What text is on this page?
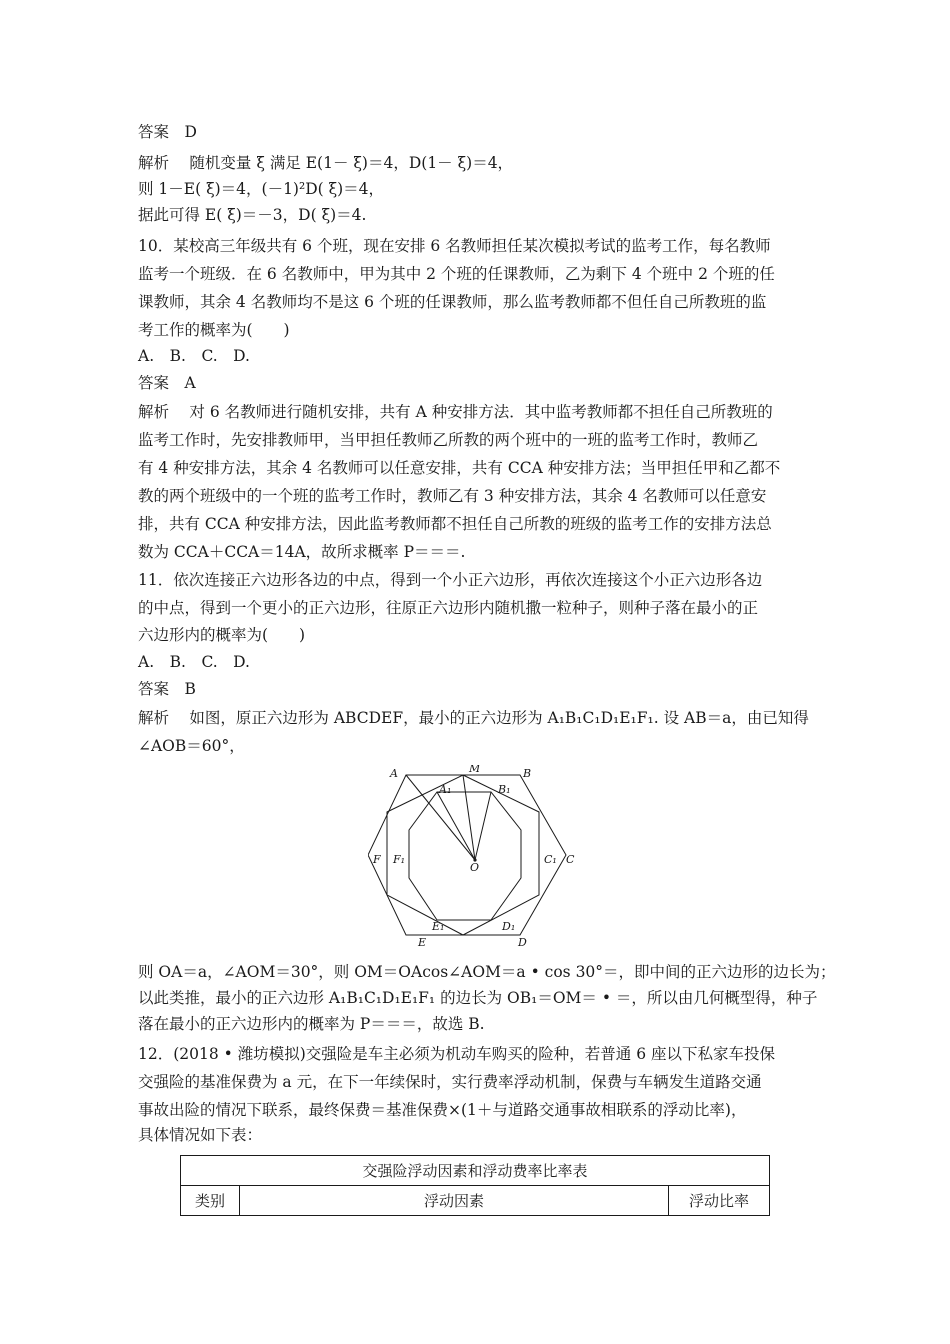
答案　D
解析　 随机变量 ξ 满足 E(1－ ξ)＝4，D(1－ ξ)＝4，
则 1－E( ξ)＝4，(－1)²D( ξ)＝4，
据此可得 E( ξ)＝－3，D( ξ)＝4.
10．某校高三年级共有 6 个班，现在安排 6 名教师担任某次模拟考试的监考工作，每名教师
监考一个班级．在 6 名教师中，甲为其中 2 个班的任课教师，乙为剩下 4 个班中 2 个班的任
课教师，其余 4 名教师均不是这 6 个班的任课教师，那么监考教师都不但任自己所教班的监
考工作的概率为(　　)
A.　B.　C.　D.
答案　A
解析　 对 6 名教师进行随机安排，共有 A 种安排方法．其中监考教师都不担任自己所教班的
监考工作时，先安排教师甲，当甲担任教师乙所教的两个班中的一班的监考工作时，教师乙
有 4 种安排方法，其余 4 名教师可以任意安排，共有 CCA 种安排方法；当甲担任甲和乙都不
教的两个班级中的一个班的监考工作时，教师乙有 3 种安排方法，其余 4 名教师可以任意安
排，共有 CCA 种安排方法，因此监考教师都不担任自己所教的班级的监考工作的安排方法总
数为 CCA＋CCA＝14A，故所求概率 P＝＝＝.
11．依次连接正六边形各边的中点，得到一个小正六边形，再依次连接这个小正六边形各边
的中点，得到一个更小的正六边形，往原正六边形内随机撒一粒种子，则种子落在最小的正
六边形内的概率为(　　)
A.　B.　C.　D.
答案　B
解析　 如图，原正六边形为 ABCDEF，最小的正六边形为 A₁B₁C₁D₁E₁F₁. 设 AB＝a，由已知得
∠AOB＝60°，
A	M	B
A₁	B₁
F F₁
O
C₁ C
E₁	D₁
E	D
则 OA＝a，∠AOM＝30°，则 OM＝OAcos∠AOM＝a • cos 30°＝，即中间的正六边形的边长为；
以此类推，最小的正六边形 A₁B₁C₁D₁E₁F₁ 的边长为 OB₁＝OM＝ • ＝，所以由几何概型得，种子
落在最小的正六边形内的概率为 P＝＝＝，故选 B.
12．(2018 • 潍坊模拟)交强险是车主必须为机动车购买的险种，若普通 6 座以下私家车投保
交强险的基准保费为 a 元，在下一年续保时，实行费率浮动机制，保费与车辆发生道路交通
事故出险的情况下联系，最终保费＝基准保费×(1＋与道路交通事故相联系的浮动比率)，
具体情况如下表：
交强险浮动因素和浮动费率比率表
类别	浮动因素	浮动比率
